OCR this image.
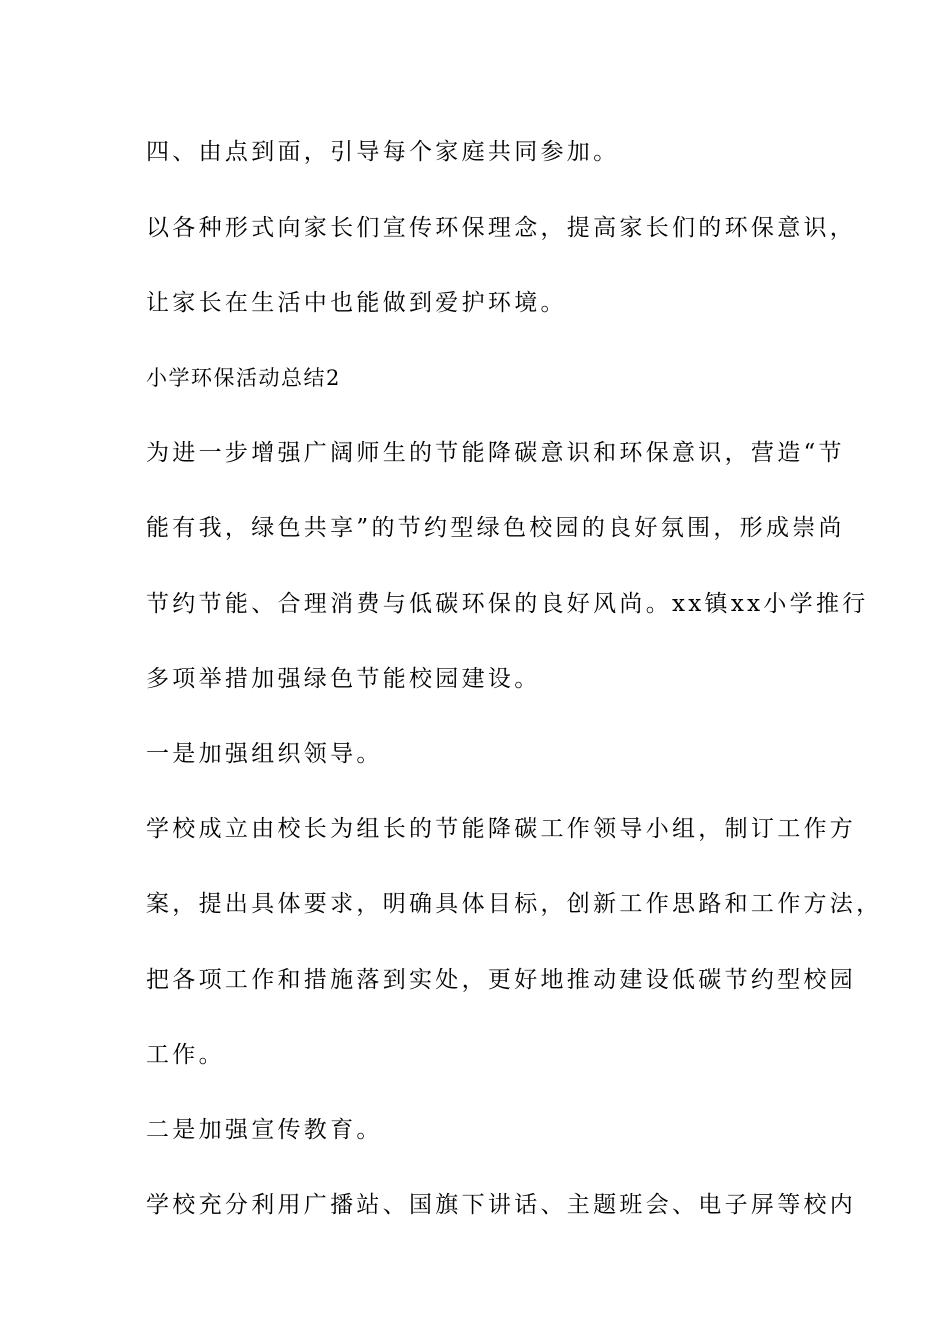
四、由点到面，引导每个家庭共同参加。
以各种形式向家长们宣传环保理念，提高家长们的环保意识，
让家长在生活中也能做到爱护环境。
小学环保活动总结2
为进一步增强广阔师生的节能降碳意识和环保意识，营造“节
能有我，绿色共享”的节约型绿色校园的良好氛围，形成崇尚
节约节能、合理消费与低碳环保的良好风尚。xx镇xx小学推行
多项举措加强绿色节能校园建设。
一是加强组织领导。
学校成立由校长为组长的节能降碳工作领导小组，制订工作方
案，提出具体要求，明确具体目标，创新工作思路和工作方法，
把各项工作和措施落到实处，更好地推动建设低碳节约型校园
工作。
二是加强宣传教育。
学校充分利用广播站、国旗下讲话、主题班会、电子屏等校内
